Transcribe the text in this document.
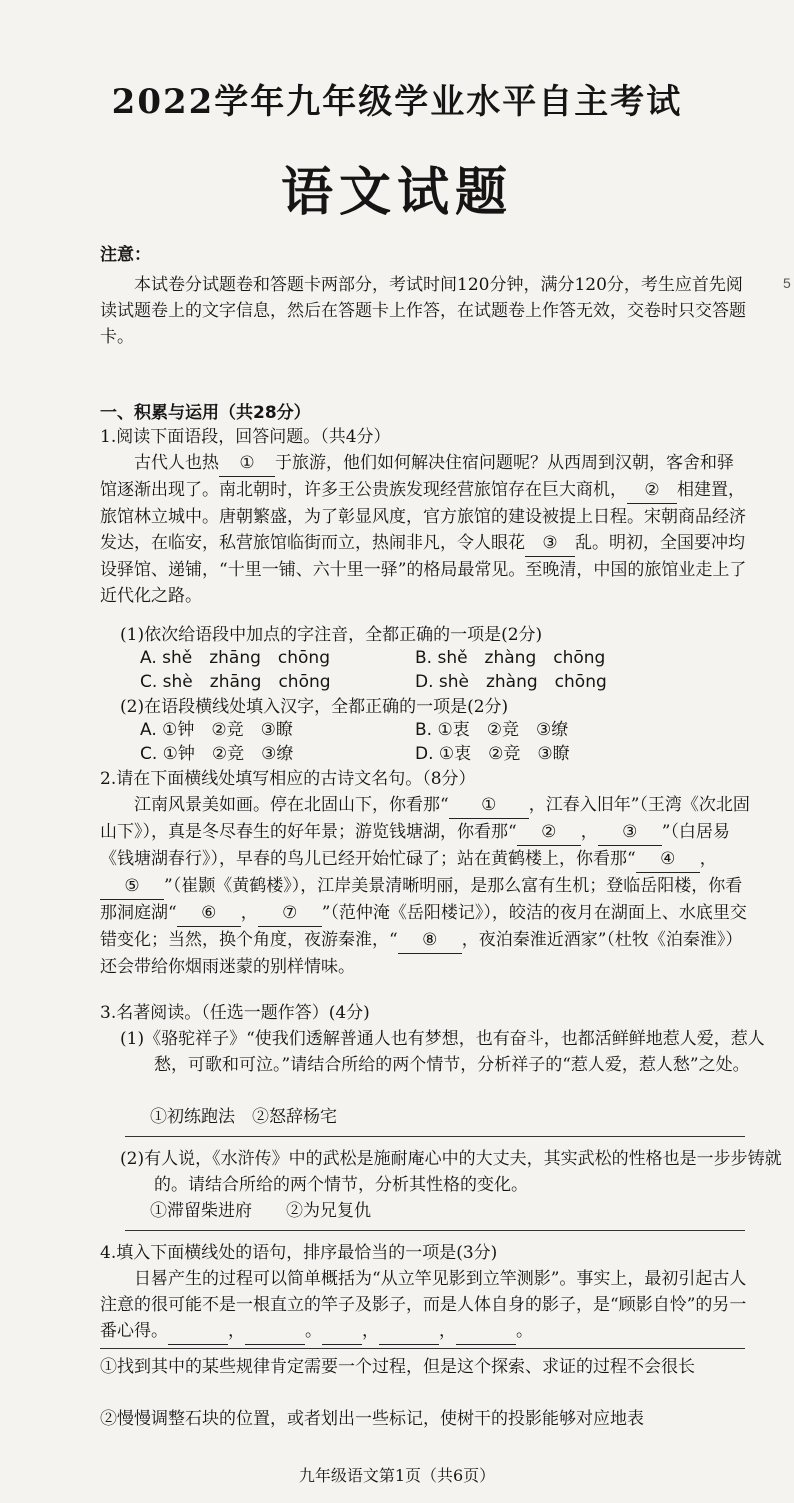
2022学年九年级学业水平自主考试
语文试题
5
注意：
本试卷分试题卷和答题卡两部分，考试时间120分钟，满分120分，考生应首先阅读试题卷上的文字信息，然后在答题卡上作答，在试题卷上作答无效，交卷时只交答题卡。
一、积累与运用（共28分）
1.阅读下面语段，回答问题。（共4分）
古代人也热 ① 于旅游，他们如何解决住宿问题呢？从西周到汉朝，客舍和驿馆逐渐出现了。南北朝时，许多王公贵族发现经营旅馆存在巨大商机， ② 相建置，旅馆林立城中。唐朝繁盛，为了彰显风度，官方旅馆的建设被提上日程。宋朝商品经济发达，在临安，私营旅馆临街而立，热闹非凡，令人眼花 ③ 乱。明初，全国要冲均设驿馆、递铺，“十里一铺、六十里一驿”的格局最常见。至晚清，中国的旅馆业走上了近代化之路。
(1)依次给语段中加点的字注音，全都正确的一项是(2分)
A. shě　zhāng　chōng	B. shě　zhàng　chōng
C. shè　zhāng　chōng	D. shè　zhàng　chōng
(2)在语段横线处填入汉字，全都正确的一项是(2分)
A. ①钟　②竞　③瞭	B. ①衷　②竞　③缭
C. ①钟　②竞　③缭	D. ①衷　②竞　③瞭
2.请在下面横线处填写相应的古诗文名句。（8分）
江南风景美如画。停在北固山下，你看那“ ① ，江春入旧年”（王湾《次北固山下》），真是冬尽春生的好年景；游览钱塘湖，你看那“ ② ， ③ ”（白居易《钱塘湖春行》），早春的鸟儿已经开始忙碌了；站在黄鹤楼上，你看那“ ④ ，⑤ ”（崔颢《黄鹤楼》），江岸美景清晰明丽，是那么富有生机；登临岳阳楼，你看那洞庭湖“ ⑥ ， ⑦ ”（范仲淹《岳阳楼记》），皎洁的夜月在湖面上、水底里交错变化；当然，换个角度，夜游秦淮，“ ⑧ ，夜泊秦淮近酒家”（杜牧《泊秦淮》）还会带给你烟雨迷蒙的别样情味。
3.名著阅读。（任选一题作答）(4分)
(1)《骆驼祥子》“使我们透解普通人也有梦想，也有奋斗，也都活鲜鲜地惹人爱，惹人愁，可歌和可泣。”请结合所给的两个情节，分析祥子的“惹人爱，惹人愁”之处。
①初练跑法　②怒辞杨宅
(2)有人说，《水浒传》中的武松是施耐庵心中的大丈夫，其实武松的性格也是一步步铸就的。请结合所给的两个情节，分析其性格的变化。
①滞留柴进府　　②为兄复仇
4.填入下面横线处的语句，排序最恰当的一项是(3分)
日晷产生的过程可以简单概括为“从立竿见影到立竿测影”。事实上，最初引起古人注意的很可能不是一根直立的竿子及影子，而是人体自身的影子，是“顾影自怜”的另一番心得。	，	。 ，	，	。
①找到其中的某些规律肯定需要一个过程，但是这个探索、求证的过程不会很长
②慢慢调整石块的位置，或者划出一些标记，使树干的投影能够对应地表
九年级语文第1页（共6页）
